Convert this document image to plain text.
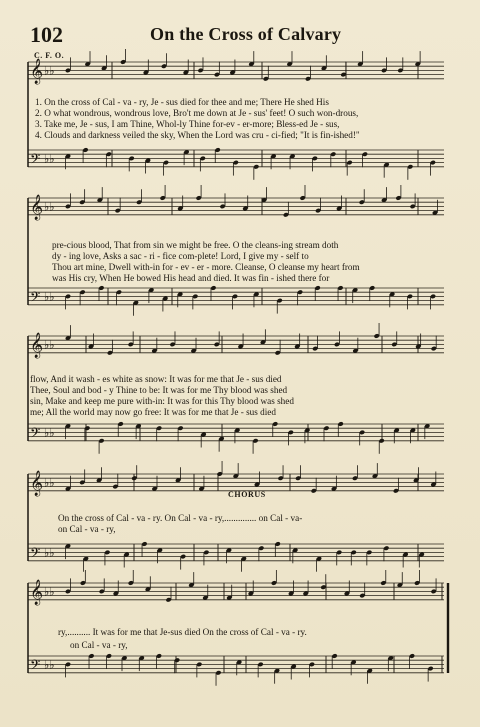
102	On the Cross of Calvary
C. F. O.
𝄞 ♭♭
𝄢 ♭♭
𝄞 ♭♭
𝄢 ♭♭
𝄞 ♭♭
𝄢 ♭♭
𝄞 ♭♭
𝄢 ♭♭
𝄞 ♭♭
𝄢 ♭♭
1. On the cross of Cal - va - ry, Je - sus died for thee and me; There He shed His
2. O what wondrous, wondrous love, Bro't me down at Je - sus' feet! O such won-drous,
3. Take me, Je - sus, I am Thine, Whol-ly Thine for-ev - er-more; Bless-ed Je - sus,
4. Clouds and darkness veiled the sky, When the Lord was cru - ci-fied; "It is fin-ished!"
pre-cious blood, That from sin we might be free. O the cleans-ing stream doth
dy - ing love, Asks a sac - ri - fice com-plete! Lord, I give my - self to
Thou art mine, Dwell with-in for - ev - er - more. Cleanse, O cleanse my heart from
was His cry, When He bowed His head and died. It was fin - ished there for
flow, And it wash - es white as snow: It was for me that Je - sus died
Thee, Soul and bod - y Thine to be: It was for me Thy blood was shed
sin, Make and keep me pure with-in: It was for this Thy blood was shed
me; All the world may now go free: It was for me that Je - sus died
CHORUS
On the cross of Cal - va - ry. On Cal - va - ry,.............. on Cal - va-
on Cal - va - ry,
ry,.......... It was for me that Je-sus died On the cross of Cal - va - ry.
on Cal - va - ry,
